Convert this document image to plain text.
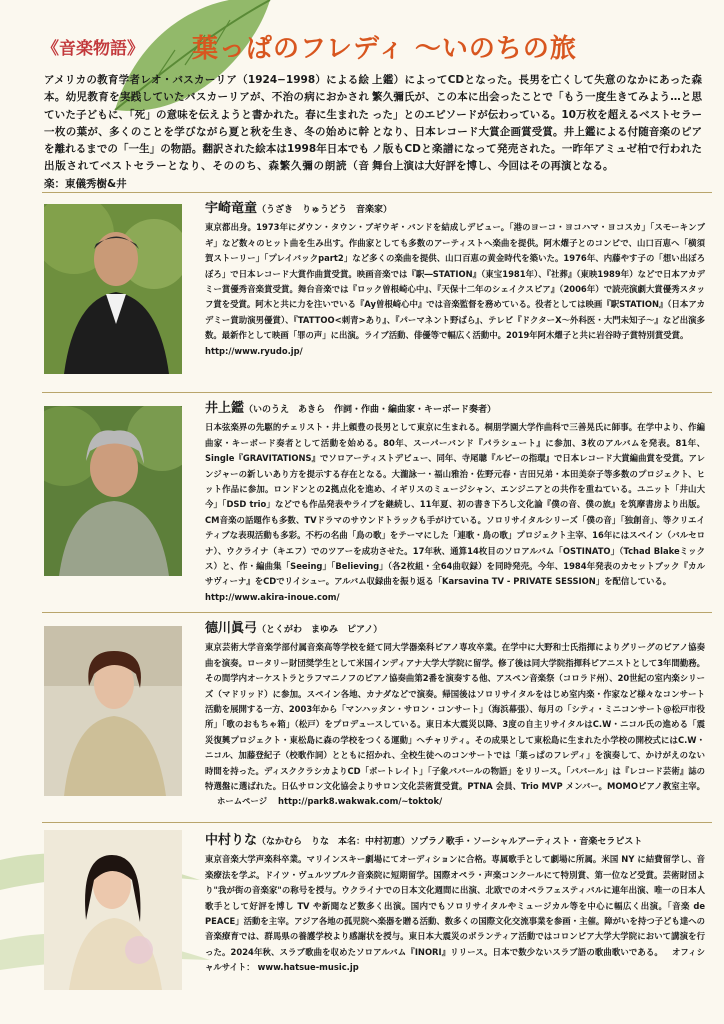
《音楽物語》 葉っぱのフレディ 〜いのちの旅
アメリカの教育学者レオ・バスカーリア（1924−1998）による絵本。幼児教育を実践していたバスカーリアが、不治の病におかされていた子どもに、「死」の意味を伝えようと書かれた。春に生まれた一枚の葉が、多くのことを学びながら夏と秋を生き、冬の始めに幹を離れるまでの「一生」の物語。翻訳された絵本は1998年日本でも出版されてベストセラーとなり、そののち、森繁久彌の朗読（音楽：東儀秀樹&井
上鑑）によってCDとなった。長男を亡くして失意のなかにあった森繁久彌氏が、この本に出会ったことで「もう一度生きてみよう…と思った」とのエピソードが伝わっている。10万枚を超えるベストセラーとなり、日本レコード大賞企画賞受賞。井上鑑による付随音楽のピアノ版もCDと楽譜になって発売された。一昨年アミュゼ柏で行われた舞台上演は大好評を博し、今回はその再演となる。
宇崎竜童（うざき　りゅうどう　音楽家）
東京都出身。1973年にダウン・タウン・ブギウギ・バンドを結成しデビュー。「港のヨーコ・ヨコハマ・ヨコスカ」「スモーキンブギ」など数々のヒット曲を生み出す。作曲家としても多数のアーティストへ楽曲を提供。阿木燿子とのコンビで、山口百恵へ「横須賀ストーリー」「プレイバックpart2」など多くの楽曲を提供、山口百恵の黄金時代を築いた。1976年、内藤やす子の「想い出ぼろぼろ」で日本レコード大賞作曲賞受賞。映画音楽では『駅―STATION』（東宝1981年）、『社葬』（東映1989年）などで日本アカデミー賞優秀音楽賞受賞。舞台音楽では『ロック曽根崎心中』、『天保十二年のシェイクスピア』（2006年）で読売演劇大賞優秀スタッフ賞を受賞。阿木と共に力を注いでいる『Ay曽根崎心中』では音楽監督を務めている。役者としては映画『駅STATION』（日本アカデミー賞助演男優賞）、『TATTOO<刺青>あり』、『パーマネント野ばら』、テレビ『ドクターX〜外科医・大門未知子〜』など出演多数。最新作として映画「罪の声」に出演。ライブ活動、俳優等で幅広く活動中。2019年阿木燿子と共に岩谷時子賞特別賞受賞。
http://www.ryudo.jp/
井上鑑（いのうえ　あきら　作詞・作曲・編曲家・キーボード奏者）
日本弦楽界の先駆的チェリスト・井上頼豊の長男として東京に生まれる。桐朋学園大学作曲科で三善晃氏に師事。在学中より、作編曲家・キーボード奏者として活動を始める。80年、スーパーバンド『パラシュート』に参加、3枚のアルバムを発表。81年、Single『GRAVITATIONS』でソロアーティストデビュー、同年、寺尾聰『ルビーの指環』で日本レコード大賞編曲賞を受賞。アレンジャーの新しいあり方を提示する存在となる。大瀧詠一・福山雅治・佐野元春・吉田兄弟・本田美奈子等多数のプロジェクト、ヒット作品に参加。ロンドンとの2拠点化を進め、イギリスのミュージシャン、エンジニアとの共作を重ねている。ユニット「井山大今」「DSD trio」などでも作品発表やライブを継続し、11年夏、初の書き下ろし文化論『僕の音、僕の旅』を筑摩書房より出版。CM音楽の話題作も多数、TVドラマのサウンドトラックも手がけている。ソロリサイタルシリーズ「僕の音」「独創音」、等クリエイティブな表現活動も多彩。不朽の名曲「鳥の歌」をテーマにした「連歌・鳥の歌」プロジェクト主宰、16年にはスペイン（バルセロナ）、ウクライナ（キエフ）でのツアーを成功させた。17年秋、通算14枚目のソロアルバム「OSTINATO」（Tchad Blakeミックス）と、作・編曲集「Seeing」「Believing」（各2枚組・全64曲収録）を同時発売。今年、1984年発表のカセットブック『カルサヴィーナ』をCDでリイシュー。アルバム収録曲を振り返る「Karsavina TV - PRIVATE SESSION」を配信している。
http://www.akira-inoue.com/
德川眞弓（とくがわ　まゆみ　ピアノ）
東京芸術大学音楽学部付属音楽高等学校を経て同大学器楽科ピアノ専攻卒業。在学中に大野和士氏指揮によりグリーグのピアノ協奏曲を演奏。ロータリー財団奨学生として米国インディアナ大学大学院に留学。修了後は同大学院指揮科ピアニストとして3年間勤務。その間学内オーケストラとラフマニノフのピアノ協奏曲第2番を演奏する他、アスペン音楽祭（コロラド州）、20世紀の室内楽シリーズ（マドリッド）に参加。スペイン各地、カナダなどで演奏。帰国後はソロリサイタルをはじめ室内楽・作家など様々なコンサート活動を展開する一方、2003年から「マンハッタン・サロン・コンサート」（海浜幕張）、毎月の「シティ・ミニコンサート@松戸市役所」「歌のおもちゃ箱」（松戸）をプロデュースしている。東日本大震災以降、3度の自主リサイタルはC.W・ニコル氏の進める「震災復興プロジェクト・東松島に森の学校をつくる運動」へチャリティ。その成果として東松島に生まれた小学校の開校式にはC.W・ニコル、加藤登紀子（校歌作詞）とともに招かれ、全校生徒へのコンサートでは「葉っぱのフレディ」を演奏して、かけがえのない時間を持った。ディスククラシカよりCD「ポートレイト」「子象ババールの物語」をリリース。「ババール」は『レコード芸術』誌の特選盤に選ばれた。日仏サロン文化協会よりサロン文化芸術賞受賞。PTNA 会員、Trio MVP メンバー。MOMOピアノ教室主宰。 ホームページ http://park8.wakwak.com/~toktok/
中村りな（なかむら　りな　本名：中村初恵）ソプラノ歌手・ソーシャルアーティスト・音楽セラピスト
東京音楽大学声楽科卒業。マリインスキー劇場にてオーディションに合格。専属歌手として劇場に所属。米国 NY に結費留学し、音楽療法を学ぶ。ドイツ・ヴュルツブルク音楽院に短期留学。国際オペラ・声楽コンクールにて特別賞、第一位など受賞。芸術財団より"我が街の音楽家"の称号を授与。ウクライナでの日本文化週間に出演、北欧でのオペラフェスティバルに連年出演、唯一の日本人歌手として好評を博し TV や新聞など数多く出演。国内でもソロリサイタルやミュージカル等を中心に幅広く出演。「音楽 de PEACE」活動を主宰。アジア各地の孤児院へ楽器を贈る活動、数多くの国際文化交流事業を参画・主催。障がいを持つ子ども達への音楽療育では、群馬県の養護学校より感謝状を授与。東日本大震災のボランティア活動ではコロンビア大学大学院において講演を行った。2024年秋、スラブ歌曲を収めたソロアルバム『INORI』リリース。日本で数少ないスラブ語の歌曲歌いである。 オフィシャルサイト： www.hatsue-music.jp
